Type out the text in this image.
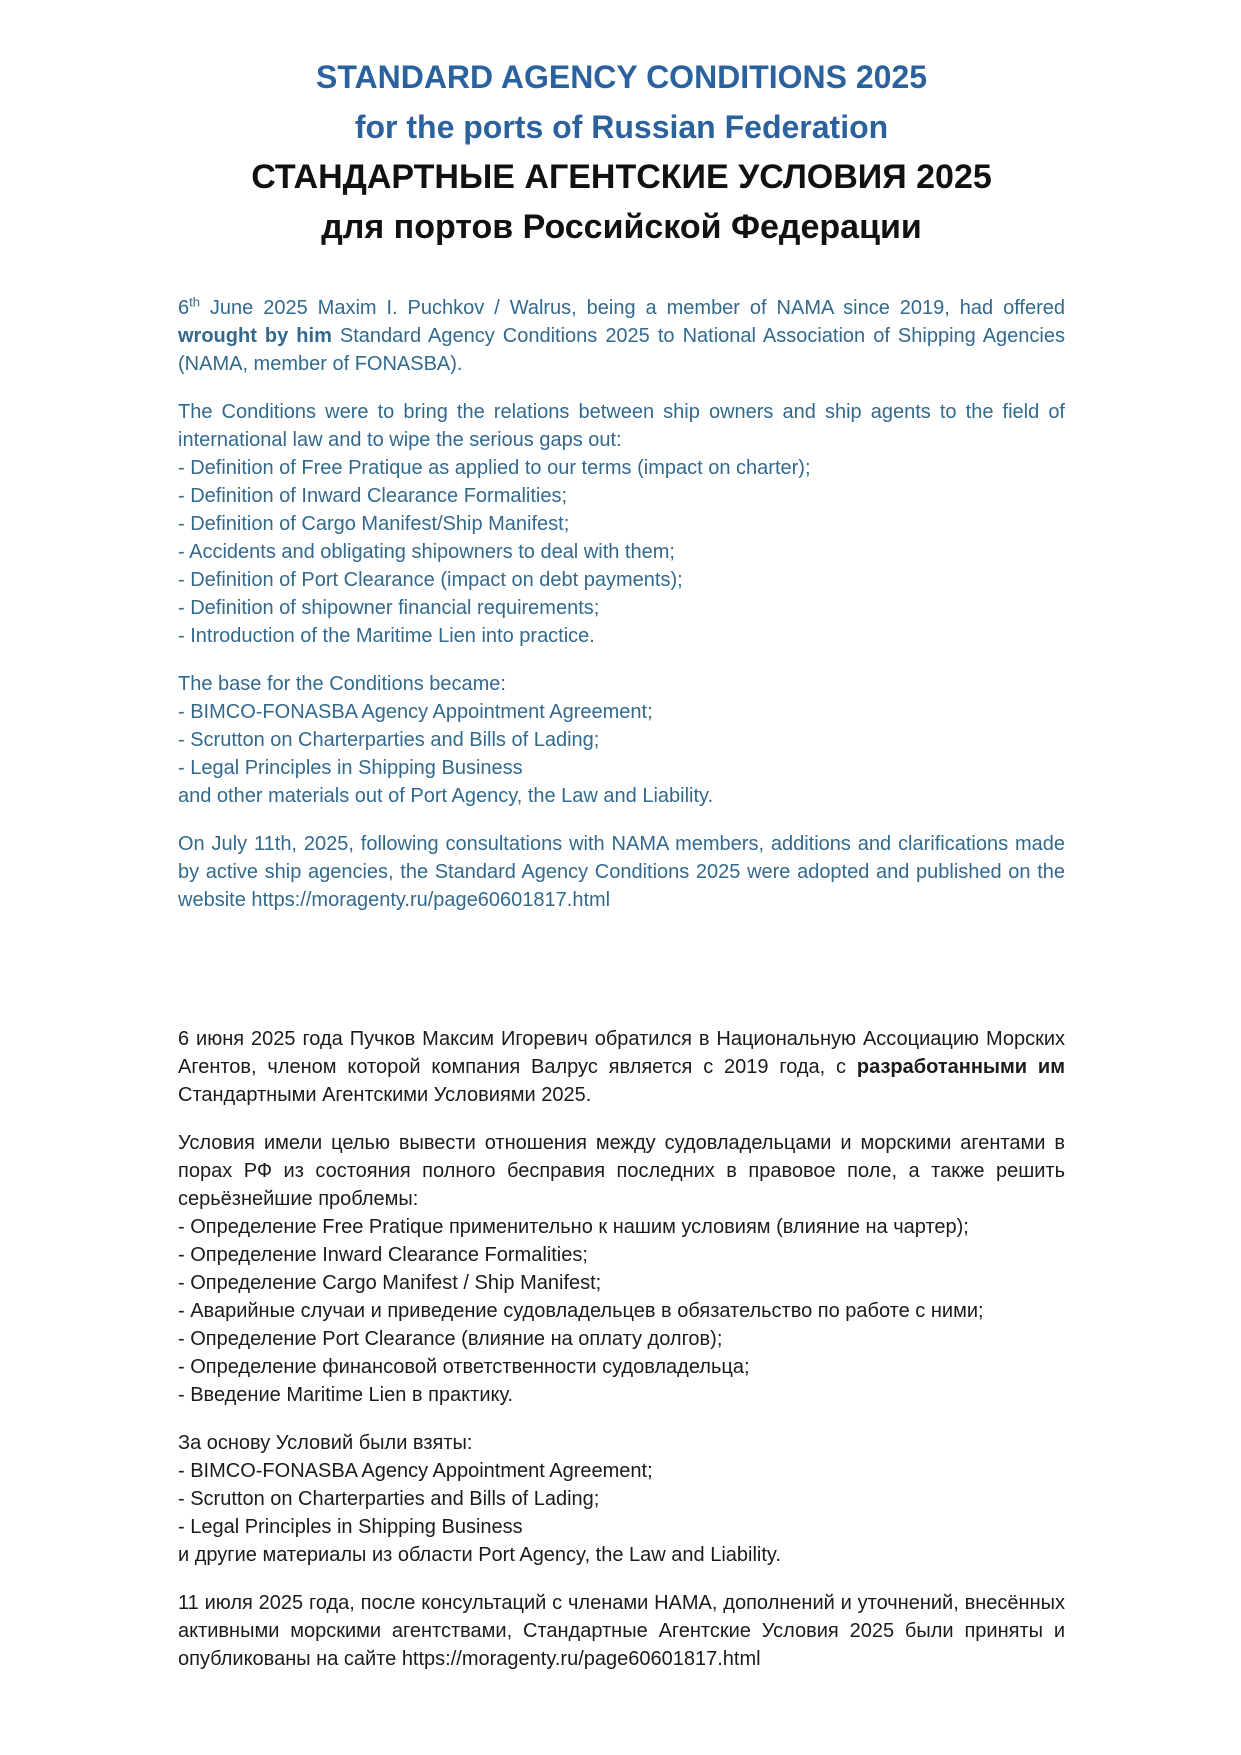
STANDARD AGENCY CONDITIONS 2025
for the ports of Russian Federation
СТАНДАРТНЫЕ АГЕНТСКИЕ УСЛОВИЯ 2025
для портов Российской Федерации

6th June 2025 Maxim I. Puchkov / Walrus, being a member of NAMA since 2019, had offered wrought by him Standard Agency Conditions 2025 to National Association of Shipping Agencies (NAMA, member of FONASBA).

The Conditions were to bring the relations between ship owners and ship agents to the field of international law and to wipe the serious gaps out:
- Definition of Free Pratique as applied to our terms (impact on charter);
- Definition of Inward Clearance Formalities;
- Definition of Cargo Manifest/Ship Manifest;
- Accidents and obligating shipowners to deal with them;
- Definition of Port Clearance (impact on debt payments);
- Definition of shipowner financial requirements;
- Introduction of the Maritime Lien into practice.
The base for the Conditions became:
- BIMCO-FONASBA Agency Appointment Agreement;
- Scrutton on Charterparties and Bills of Lading;
- Legal Principles in Shipping Business
and other materials out of Port Agency, the Law and Liability.

On July 11th, 2025, following consultations with NAMA members, additions and clarifications made by active ship agencies, the Standard Agency Conditions 2025 were adopted and published on the website https://moragenty.ru/page60601817.html

6 июня 2025 года Пучков Максим Игоревич обратился в Национальную Ассоциацию Морских Агентов, членом которой компания Валрус является с 2019 года, с разработанными им Стандартными Агентскими Условиями 2025.

Условия имели целью вывести отношения между судовладельцами и морскими агентами в порах РФ из состояния полного бесправия последних в правовое поле, а также решить серьёзнейшие проблемы:
- Определение Free Pratique применительно к нашим условиям (влияние на чартер);
- Определение Inward Clearance Formalities;
- Определение Cargo Manifest / Ship Manifest;
- Аварийные случаи и приведение судовладельцев в обязательство по работе с ними;
- Определение Port Clearance (влияние на оплату долгов);
- Определение финансовой ответственности судовладельца;
- Введение Maritime Lien в практику.
За основу Условий были взяты:
- BIMCO-FONASBA Agency Appointment Agreement;
- Scrutton on Charterparties and Bills of Lading;
- Legal Principles in Shipping Business
и другие материалы из области Port Agency, the Law and Liability.

11 июля 2025 года, после консультаций с членами НАМА, дополнений и уточнений, внесённых активными морскими агентствами, Стандартные Агентские Условия 2025 были приняты и опубликованы на сайте https://moragenty.ru/page60601817.html
